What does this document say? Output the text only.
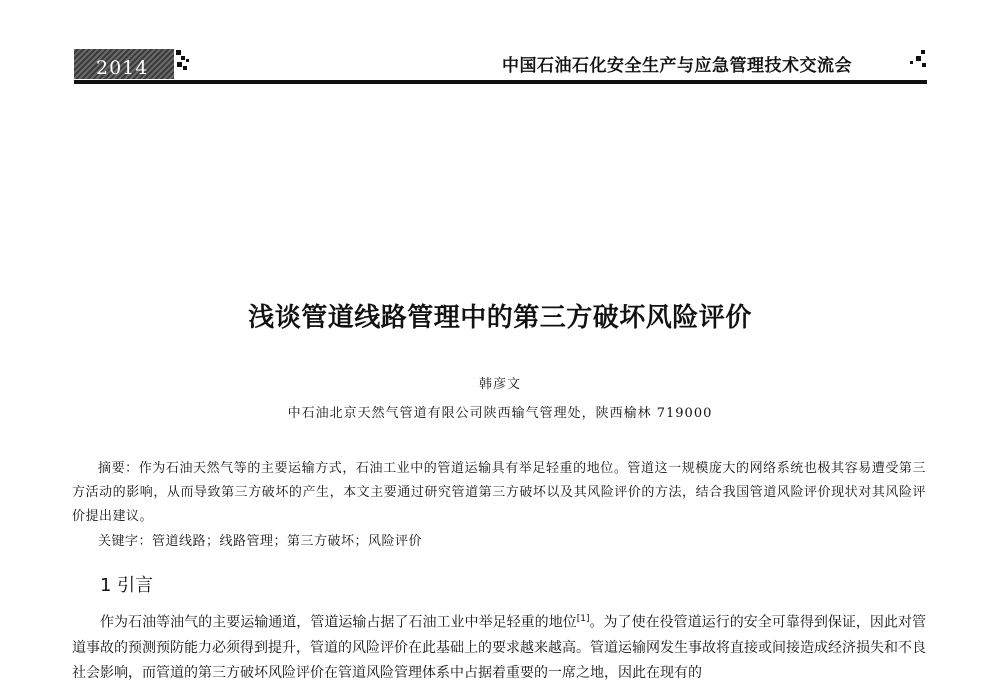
2014	中国石油石化安全生产与应急管理技术交流会
浅谈管道线路管理中的第三方破坏风险评价
韩彦文
中石油北京天然气管道有限公司陕西输气管理处，陕西榆林 719000
摘要：作为石油天然气等的主要运输方式，石油工业中的管道运输具有举足轻重的地位。管道这一规模庞大的网络系统也极其容易遭受第三方活动的影响，从而导致第三方破坏的产生，本文主要通过研究管道第三方破坏以及其风险评价的方法，结合我国管道风险评价现状对其风险评价提出建议。
关键字：管道线路；线路管理；第三方破坏；风险评价
1 引言
作为石油等油气的主要运输通道，管道运输占据了石油工业中举足轻重的地位[1]。为了使在役管道运行的安全可靠得到保证，因此对管道事故的预测预防能力必须得到提升，管道的风险评价在此基础上的要求越来越高。管道运输网发生事故将直接或间接造成经济损失和不良社会影响，而管道的第三方破坏风险评价在管道风险管理体系中占据着重要的一席之地，因此在现有的
